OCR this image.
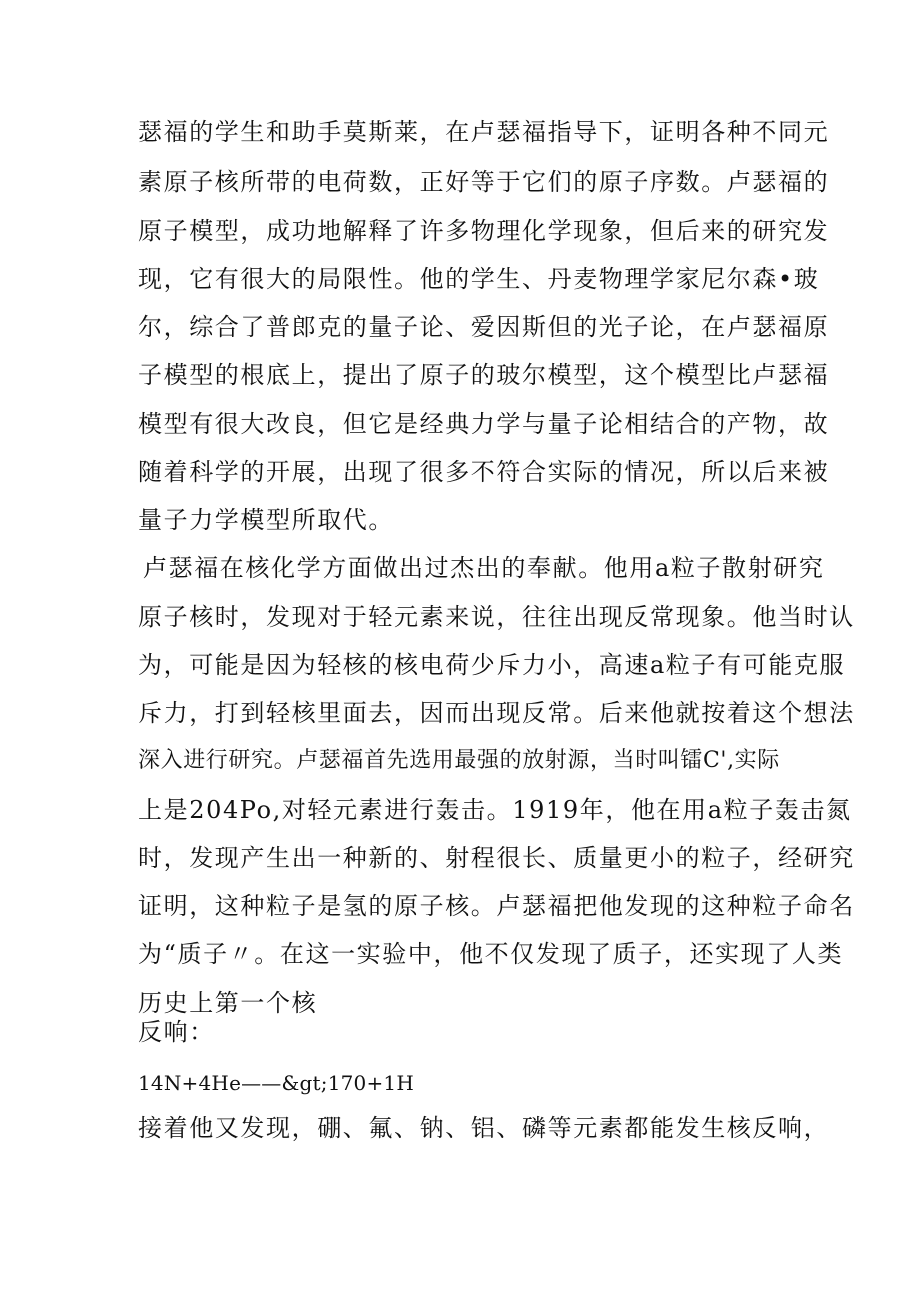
瑟福的学生和助手莫斯莱，在卢瑟福指导下，证明各种不同元
素原子核所带的电荷数，正好等于它们的原子序数。卢瑟福的
原子模型，成功地解释了许多物理化学现象，但后来的研究发
现，它有很大的局限性。他的学生、丹麦物理学家尼尔森•玻
尔，综合了普郎克的量子论、爱因斯但的光子论，在卢瑟福原
子模型的根底上，提出了原子的玻尔模型，这个模型比卢瑟福
模型有很大改良，但它是经典力学与量子论相结合的产物，故
随着科学的开展，出现了很多不符合实际的情况，所以后来被
量子力学模型所取代。
卢瑟福在核化学方面做出过杰出的奉献。他用a粒子散射研究
原子核时，发现对于轻元素来说，往往出现反常现象。他当时认
为，可能是因为轻核的核电荷少斥力小，高速a粒子有可能克服
斥力，打到轻核里面去，因而出现反常。后来他就按着这个想法
深入进行研究。卢瑟福首先选用最强的放射源，当时叫镭C',实际
上是204Po,对轻元素进行轰击。1919年，他在用a粒子轰击氮
时，发现产生出一种新的、射程很长、质量更小的粒子，经研究
证明，这种粒子是氢的原子核。卢瑟福把他发现的这种粒子命名
为“质子〃。在这一实验中，他不仅发现了质子，还实现了人类
历史上第一个核
反响：
14N+4He——&gt;170+1H
接着他又发现，硼、氟、钠、铝、磷等元素都能发生核反响，
